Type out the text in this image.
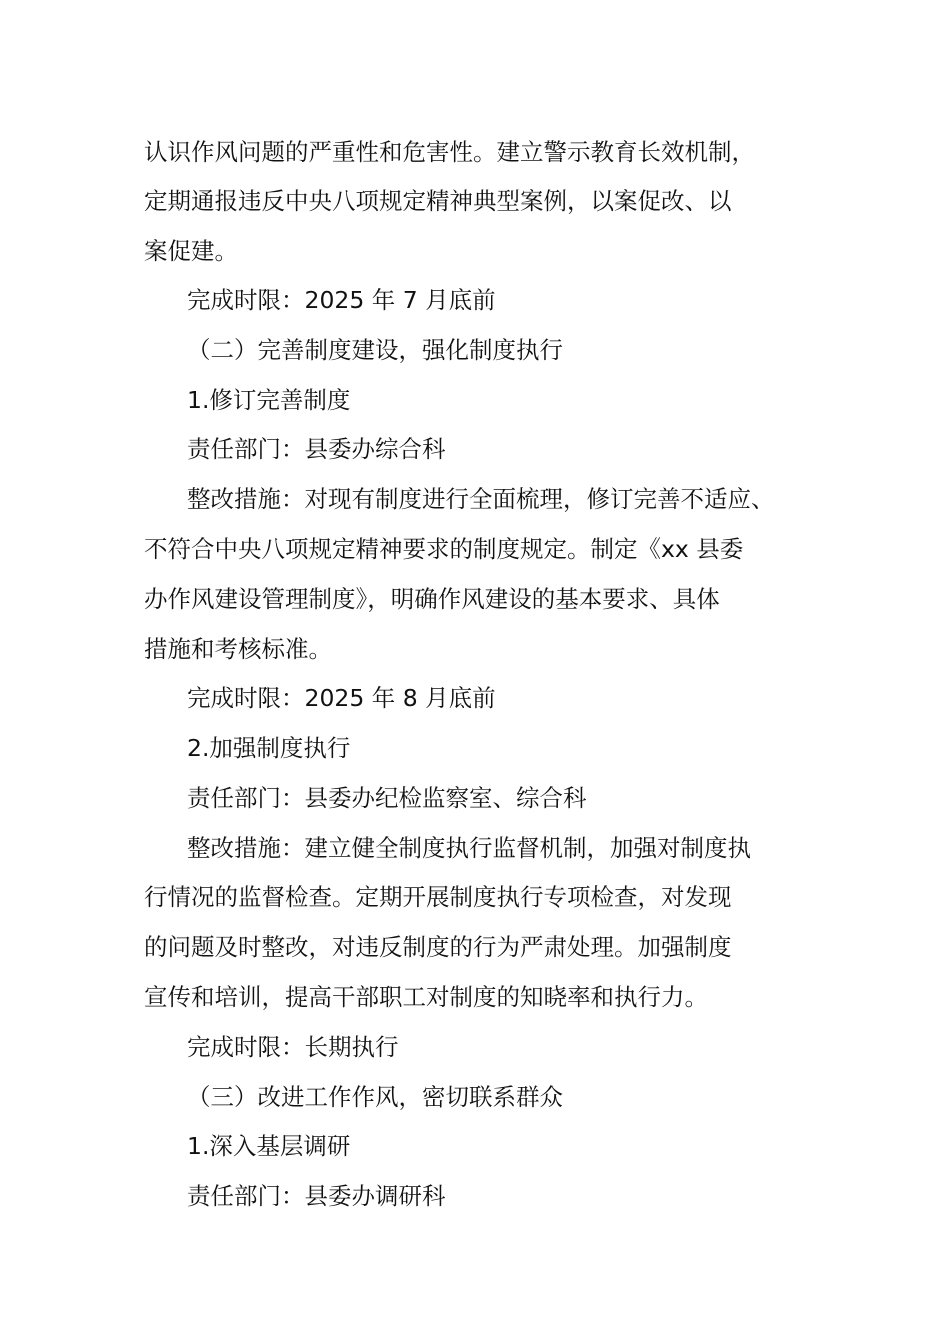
认识作风问题的严重性和危害性。建立警示教育长效机制，
定期通报违反中央八项规定精神典型案例，以案促改、以
案促建。
完成时限：2025 年 7 月底前
（二）完善制度建设，强化制度执行
1.修订完善制度
责任部门：县委办综合科
整改措施：对现有制度进行全面梳理，修订完善不适应、
不符合中央八项规定精神要求的制度规定。制定《xx 县委
办作风建设管理制度》，明确作风建设的基本要求、具体
措施和考核标准。
完成时限：2025 年 8 月底前
2.加强制度执行
责任部门：县委办纪检监察室、综合科
整改措施：建立健全制度执行监督机制，加强对制度执
行情况的监督检查。定期开展制度执行专项检查，对发现
的问题及时整改，对违反制度的行为严肃处理。加强制度
宣传和培训，提高干部职工对制度的知晓率和执行力。
完成时限：长期执行
（三）改进工作作风，密切联系群众
1.深入基层调研
责任部门：县委办调研科
